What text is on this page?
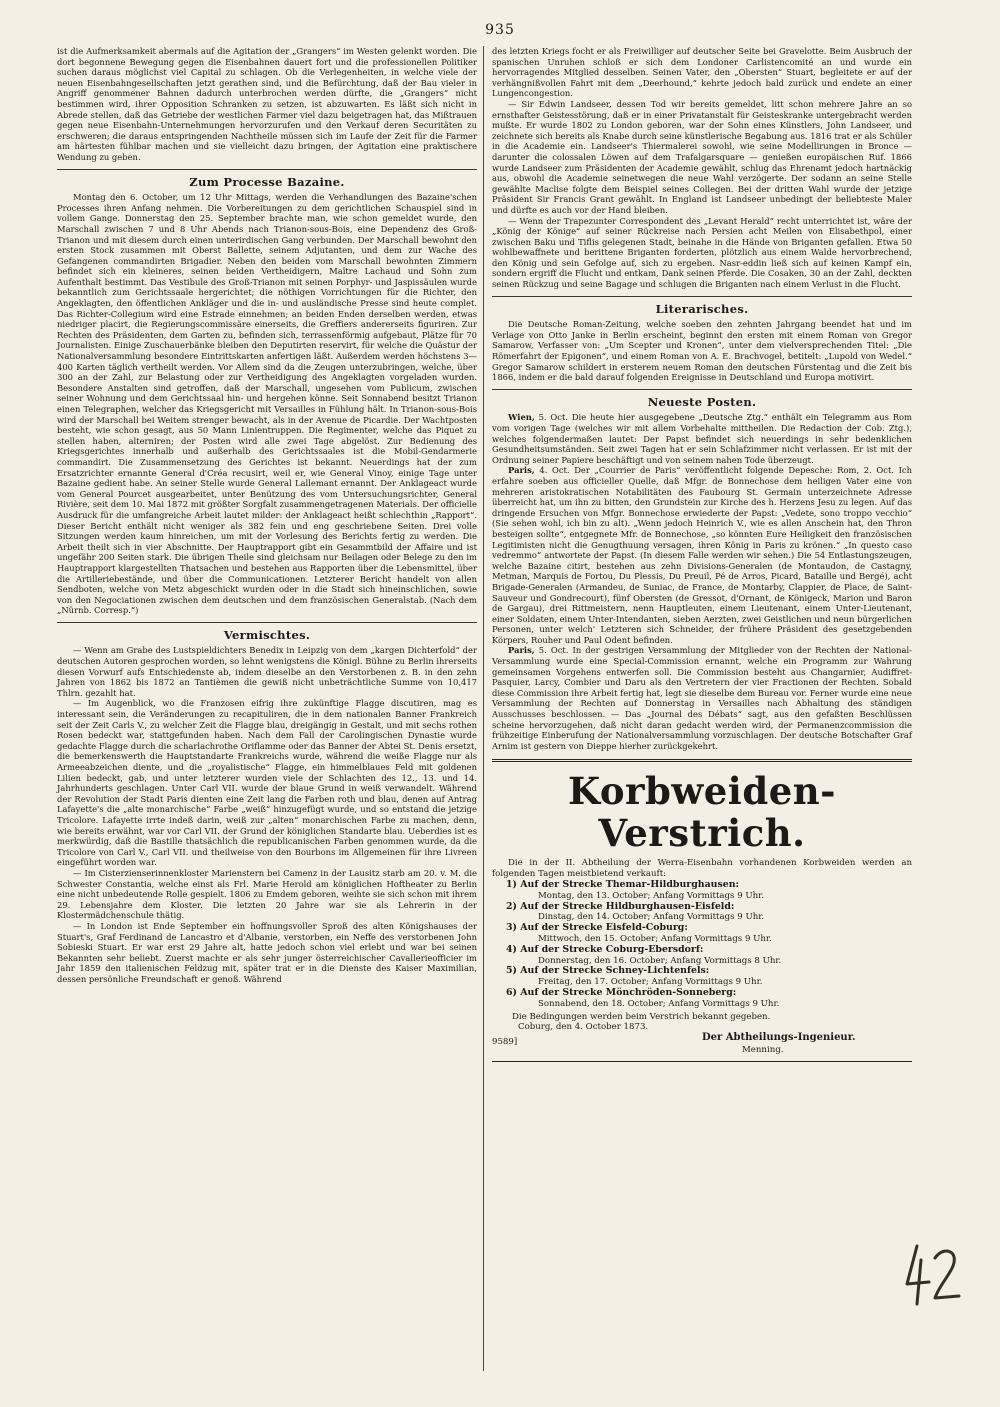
935

ist die Aufmerksamkeit abermals auf die Agitation der „Grangers“ im Westen gelenkt worden. Die dort begonnene Bewegung gegen die Eisenbahnen dauert fort und die professionellen Politiker suchen daraus möglichst viel Capital zu schlagen. Ob die Verlegenheiten, in welche viele der neuen Eisenbahngesellschaften jetzt gerathen sind, und die Befürchtung, daß der Bau vieler in Angriff genommener Bahnen dadurch unterbrochen werden dürfte, die „Grangers“ nicht bestimmen wird, ihrer Opposition Schranken zu setzen, ist abzuwarten. Es läßt sich nicht in Abrede stellen, daß das Getriebe der westlichen Farmer viel dazu beigetragen hat, das Mißtrauen gegen neue Eisenbahn-Unternehmungen hervorzurufen und den Verkauf deren Securitäten zu erschweren; die daraus entspringenden Nachtheile müssen sich im Laufe der Zeit für die Farmer am härtesten fühlbar machen und sie vielleicht dazu bringen, der Agitation eine praktischere Wendung zu geben.

Zum Processe Bazaine.

Montag den 6. October, um 12 Uhr Mittags, werden die Verhandlungen des Bazaine'schen Processes ihren Anfang nehmen. Die Vorbereitungen zu dem gerichtlichen Schauspiel sind in vollem Gange. Donnerstag den 25. September brachte man, wie schon gemeldet wurde, den Marschall zwischen 7 und 8 Uhr Abends nach Trianon-sous-Bois, eine Dependenz des Groß-Trianon und mit diesem durch einen unterirdischen Gang verbunden. Der Marschall bewohnt den ersten Stock zusammen mit Oberst Ballette, seinem Adjutanten, und dem zur Wache des Gefangenen commandirten Brigadier. Neben den beiden vom Marschall bewohnten Zimmern befindet sich ein kleineres, seinen beiden Vertheidigern, Maître Lachaud und Sohn zum Aufenthalt bestimmt. Das Vestibule des Groß-Trianon mit seinen Porphyr- und Jaspissäulen wurde bekanntlich zum Gerichtssaale hergerichtet; die nöthigen Vorrichtungen für die Richter, den Angeklagten, den öffentlichen Ankläger und die in- und ausländische Presse sind heute complet. Das Richter-Collegium wird eine Estrade einnehmen; an beiden Enden derselben werden, etwas niedriger placirt, die Regierungscommissäre einerseits, die Greffiers andererseits figuriren. Zur Rechten des Präsidenten, dem Garten zu, befinden sich, terrassenförmig aufgebaut, Plätze für 70 Journalisten. Einige Zuschauerbänke bleiben den Deputirten reservirt, für welche die Quästur der Nationalversammlung besondere Eintrittskarten anfertigen läßt. Außerdem werden höchstens 3—400 Karten täglich vertheilt werden. Vor Allem sind da die Zeugen unterzubringen, welche, über 300 an der Zahl, zur Belastung oder zur Vertheidigung des Angeklagten vorgeladen wurden. Besondere Anstalten sind getroffen, daß der Marschall, ungesehen vom Publicum, zwischen seiner Wohnung und dem Gerichtssaal hin- und hergehen könne. Seit Sonnabend besitzt Trianon einen Telegraphen, welcher das Kriegsgericht mit Versailles in Fühlung hält. In Trianon-sous-Bois wird der Marschall bei Weitem strenger bewacht, als in der Avenue de Picardie. Der Wachtposten besteht, wie schon gesagt, aus 50 Mann Linientruppen. Die Regimenter, welche das Piquet zu stellen haben, alterniren; der Posten wird alle zwei Tage abgelöst. Zur Bedienung des Kriegsgerichtes innerhalb und außerhalb des Gerichtssaales ist die Mobil-Gendarmerie commandirt. Die Zusammensetzung des Gerichtes ist bekannt. Neuerdings hat der zum Ersatzrichter ernannte General d'Créa recusirt, weil er, wie General Vinoy, einige Tage unter Bazaine gedient habe. An seiner Stelle wurde General Lallemant ernannt. Der Anklageact wurde vom General Pourcet ausgearbeitet, unter Benützung des vom Untersuchungsrichter, General Rivière, seit dem 10. Mai 1872 mit größter Sorgfalt zusammengetragenen Materials. Der officielle Ausdruck für die umfangreiche Arbeit lautet milder: der Anklageact heißt schlechthin „Rapport“. Dieser Bericht enthält nicht weniger als 382 fein und eng geschriebene Seiten. Drei volle Sitzungen werden kaum hinreichen, um mit der Vorlesung des Berichts fertig zu werden. Die Arbeit theilt sich in vier Abschnitte. Der Hauptrapport gibt ein Gesammtbild der Affaire und ist ungefähr 200 Seiten stark. Die übrigen Theile sind gleichsam nur Beilagen oder Belege zu den im Hauptrapport klargestellten Thatsachen und bestehen aus Rapporten über die Lebensmittel, über die Artilleriebestände, und über die Communicationen. Letzterer Bericht handelt von allen Sendboten, welche von Metz abgeschickt wurden oder in die Stadt sich hineinschlichen, sowie von den Negociationen zwischen dem deutschen und dem französischen Generalstab. (Nach dem „Nürnb. Corresp.“)

Vermischtes.

— Wenn am Grabe des Lustspieldichters Benedix in Leipzig von dem „kargen Dichterfold“ der deutschen Autoren gesprochen worden, so lehnt wenigstens die Königl. Bühne zu Berlin ihrerseits diesen Vorwurf aufs Entschiedenste ab, indem dieselbe an den Verstorbenen z. B. in den zehn Jahren von 1862 bis 1872 an Tantièmen die gewiß nicht unbeträchtliche Summe von 10,417 Thlrn. gezahlt hat.

— Im Augenblick, wo die Franzosen eifrig ihre zukünftige Flagge discutiren, mag es interessant sein, die Veränderungen zu recapituliren, die in dem nationalen Banner Frankreich seit der Zeit Carls V., zu welcher Zeit die Flagge blau, dreigängig in Gestalt, und mit sechs rothen Rosen bedeckt war, stattgefunden haben. Nach dem Fall der Carolingischen Dynastie wurde gedachte Flagge durch die scharlachrothe Oriflamme oder das Banner der Abtei St. Denis ersetzt, die bemerkenswerth die Hauptstandarte Frankreichs wurde, während die weiße Flagge nur als Armeeabzeichen diente, und die „royalistische“ Flagge, ein himmelblaues Feld mit goldenen Lilien bedeckt, gab, und unter letzterer wurden viele der Schlachten des 12., 13. und 14. Jahrhunderts geschlagen. Unter Carl VII. wurde der blaue Grund in weiß verwandelt. Während der Revolution der Stadt Paris dienten eine Zeit lang die Farben roth und blau, denen auf Antrag Lafayette's die „alte monarchische“ Farbe „weiß“ hinzugefügt wurde, und so entstand die jetzige Tricolore. Lafayette irrte indeß darin, weiß zur „alten“ monarchischen Farbe zu machen, denn, wie bereits erwähnt, war vor Carl VII. der Grund der königlichen Standarte blau. Ueberdies ist es merkwürdig, daß die Bastille thatsächlich die republicanischen Farben genommen wurde, da die Tricolore von Carl V., Carl VII. und theilweise von den Bourbons im Allgemeinen für ihre Livreen eingeführt worden war.

— Im Cisterzienserinnenkloster Marienstern bei Camenz in der Lausitz starb am 20. v. M. die Schwester Constantia, welche einst als Frl. Marie Herold am königlichen Hoftheater zu Berlin eine nicht unbedeutende Rolle gespielt. 1806 zu Emdem geboren, weihte sie sich schon mit ihrem 29. Lebensjahre dem Kloster. Die letzten 20 Jahre war sie als Lehrerin in der Klostermädchenschule thätig.

— In London ist Ende September ein hoffnungsvoller Sproß des alten Königshauses der Stuart's, Graf Ferdinand de Lancastro et d'Albanie, verstorben, ein Neffe des verstorbenen John Sobieski Stuart. Er war erst 29 Jahre alt, hatte jedoch schon viel erlebt und war bei seinen Bekannten sehr beliebt. Zuerst machte er als sehr junger österreichischer Cavallerieofficier im Jahr 1859 den italienischen Feldzug mit, später trat er in die Dienste des Kaiser Maximilian, dessen persönliche Freundschaft er genoß. Während

des letzten Kriegs focht er als Freiwilliger auf deutscher Seite bei Gravelotte. Beim Ausbruch der spanischen Unruhen schloß er sich dem Londoner Carlistencomité an und wurde ein hervorragendes Mitglied desselben. Seinen Vater, den „Obersten“ Stuart, begleitete er auf der verhängnißvollen Fahrt mit dem „Deerhound,“ kehrte jedoch bald zurück und endete an einer Lungencongestion.

— Sir Edwin Landseer, dessen Tod wir bereits gemeldet, litt schon mehrere Jahre an so ernsthafter Geistesstörung, daß er in einer Privatanstalt für Geisteskranke untergebracht werden mußte. Er wurde 1802 zu London geboren, war der Sohn eines Künstlers, John Landseer, und zeichnete sich bereits als Knabe durch seine künstlerische Begabung aus. 1816 trat er als Schüler in die Academie ein. Landseer's Thiermalerei sowohl, wie seine Modellirungen in Bronce — darunter die colossalen Löwen auf dem Trafalgarsquare — genießen europäischen Ruf. 1866 wurde Landseer zum Präsidenten der Academie gewählt, schlug das Ehrenamt jedoch hartnäckig aus, obwohl die Academie seinetwegen die neue Wahl verzögerte. Der sodann an seine Stelle gewählte Maclise folgte dem Beispiel seines Collegen. Bei der dritten Wahl wurde der jetzige Präsident Sir Francis Grant gewählt. In England ist Landseer unbedingt der beliebteste Maler und dürfte es auch vor der Hand bleiben.

— Wenn der Trapezunter Correspondent des „Levant Herald“ recht unterrichtet ist, wäre der „König der Könige“ auf seiner Rückreise nach Persien acht Meilen von Elisabethpol, einer zwischen Baku und Tiflis gelegenen Stadt, beinahe in die Hände von Briganten gefallen. Etwa 50 wohlbewaffnete und berittene Briganten forderten, plötzlich aus einem Walde hervorbrechend, den König und sein Gefolge auf, sich zu ergeben. Nasr-eddin ließ sich auf keinen Kampf ein, sondern ergriff die Flucht und entkam, Dank seinen Pferde. Die Cosaken, 30 an der Zahl, deckten seinen Rückzug und seine Bagage und schlugen die Briganten nach einem Verlust in die Flucht.

Literarisches.

Die Deutsche Roman-Zeitung, welche soeben den zehnten Jahrgang beendet hat und im Verlage von Otto Janke in Berlin erscheint, beginnt den ersten mit einem Roman von Gregor Samarow, Verfasser von: „Um Scepter und Kronen“, unter dem vielversprechenden Titel: „Die Römerfahrt der Epigonen“, und einem Roman von A. E. Brachvogel, betitelt: „Lupold von Wedel.“ Gregor Samarow schildert in ersterem neuem Roman den deutschen Fürstentag und die Zeit bis 1866, indem er die bald darauf folgenden Ereignisse in Deutschland und Europa motivirt.

Neueste Posten.

Wien, 5. Oct. Die heute hier ausgegebene „Deutsche Ztg.“ enthält ein Telegramm aus Rom vom vorigen Tage (welches wir mit allem Vorbehalte mittheilen. Die Redaction der Cob. Ztg.), welches folgendermaßen lautet: Der Papst befindet sich neuerdings in sehr bedenklichen Gesundheitsumständen. Seit zwei Tagen hat er sein Schlafzimmer nicht verlassen. Er ist mit der Ordnung seiner Papiere beschäftigt und von seinem nahen Tode überzeugt.

Paris, 4. Oct. Der „Courrier de Paris“ veröffentlicht folgende Depesche: Rom, 2. Oct. Ich erfahre soeben aus officieller Quelle, daß Mfgr. de Bonnechose dem heiligen Vater eine von mehreren aristokratischen Notabilitäten des Faubourg St. Germain unterzeichnete Adresse überreicht hat, um ihn zu bitten, den Grundstein zur Kirche des h. Herzens Jesu zu legen. Auf das dringende Ersuchen von Mfgr. Bonnechose erwiederte der Papst: „Vedete, sono troppo vecchio“ (Sie sehen wohl, ich bin zu alt). „Wenn jedoch Heinrich V., wie es allen Anschein hat, den Thron besteigen sollte“, entgegnete Mfr. de Bonnechose, „so könnten Eure Heiligkeit den französischen Legitimisten nicht die Genugthuung versagen, ihren König in Paris zu krönen.“ „In questo caso vedremmo“ antwortete der Papst. (In diesem Falle werden wir sehen.) Die 54 Entlastungszeugen, welche Bazaine citirt, bestehen aus zehn Divisions-Generalen (de Montaudon, de Castagny, Metman, Marquis de Fortou, Du Plessis, Du Preuil, Pé de Arros, Picard, Bataille und Bergé), acht Brigade-Generalen (Armandeu, de Suniac, de France, de Montarby, Clappier, de Place, de Saint-Sauveur und Gondrecourt), fünf Obersten (de Gressot, d'Ornant, de Königeck, Marion und Baron de Gargau), drei Rittmeistern, nenn Hauptleuten, einem Lieutenant, einem Unter-Lieutenant, einer Soldaten, einem Unter-Intendanten, sieben Aerzten, zwei Geistlichen und neun bürgerlichen Personen, unter welch' Letzteren sich Schneider, der frühere Präsident des gesetzgebenden Körpers, Rouher und Paul Odent befinden.

Paris, 5. Oct. In der gestrigen Versammlung der Mitglieder von der Rechten der National-Versammlung wurde eine Special-Commission ernannt, welche ein Programm zur Wahrung gemeinsamen Vorgehens entwerfen soll. Die Commission besteht aus Changarnier, Audiffret-Pasquier, Larcy, Combier und Daru als den Vertretern der vier Fractionen der Rechten. Sobald diese Commission ihre Arbeit fertig hat, legt sie dieselbe dem Bureau vor. Ferner wurde eine neue Versammlung der Rechten auf Donnerstag in Versailles nach Abhaltung des ständigen Ausschusses beschlossen. — Das „Journal des Débats“ sagt, aus den gefaßten Beschlüssen scheine hervorzugehen, daß nicht daran gedacht werden wird, der Permanenzcommission die frühzeitige Einberufung der Nationalversammlung vorzuschlagen. Der deutsche Botschafter Graf Arnim ist gestern von Dieppe hierher zurückgekehrt.

Korbweiden-Verstrich.

Die in der II. Abtheilung der Werra-Eisenbahn vorhandenen Korbweiden werden an folgenden Tagen meistbietend verkauft:

1) Auf der Strecke Themar-Hildburghausen:
Montag, den 13. October; Anfang Vormittags 9 Uhr.
2) Auf der Strecke Hildburghausen-Eisfeld:
Dinstag, den 14. October; Anfang Vormittags 9 Uhr.
3) Auf der Strecke Eisfeld-Coburg:
Mittwoch, den 15. October; Anfang Vormittags 9 Uhr.
4) Auf der Strecke Coburg-Ebersdorf:
Donnerstag, den 16. October; Anfang Vormittags 8 Uhr.
5) Auf der Strecke Schney-Lichtenfels:
Freitag, den 17. October; Anfang Vormittags 9 Uhr.
6) Auf der Strecke Mönchröden-Sonneberg:
Sonnabend, den 18. October; Anfang Vormittags 9 Uhr.
Die Bedingungen werden beim Verstrich bekannt gegeben.
Coburg, den 4. October 1873.
9589]	Der Abtheilungs-Ingenieur.
Menning.
